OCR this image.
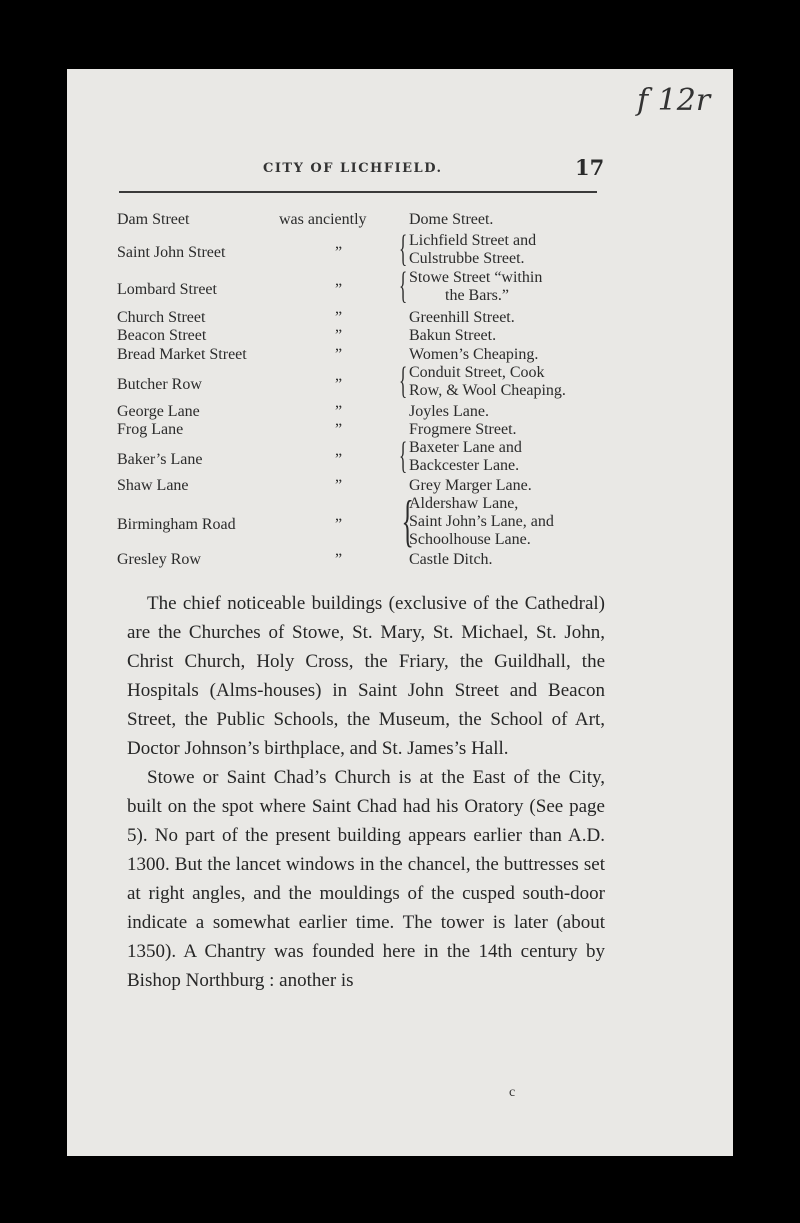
f 12r
CITY OF LICHFIELD.	17
Dam Street	was anciently	Dome Street.
Saint John Street	” { Lichfield Street and
Culstrubbe Street.
Lombard Street	” { Stowe Street “within
the Bars.”
Church Street	”	Greenhill Street.
Beacon Street	”	Bakun Street.
Bread Market Street	”	Women’s Cheaping.
Butcher Row	” { Conduit Street, Cook
Row, & Wool Cheaping.
George Lane	”	Joyles Lane.
Frog Lane	”	Frogmere Street.
Baker’s Lane	” { Baxeter Lane and
Backcester Lane.
Shaw Lane	”	Grey Marger Lane.
Birmingham Road	” {
Aldershaw Lane,
Saint John’s Lane, and
Schoolhouse Lane.
Gresley Row	”	Castle Ditch.

The chief noticeable buildings (exclusive of the Cathedral) are the Churches of Stowe, St. Mary, St. Michael, St. John, Christ Church, Holy Cross, the Friary, the Guildhall, the Hospitals (Alms-houses) in Saint John Street and Beacon Street, the Public Schools, the Museum, the School of Art, Doctor Johnson’s birthplace, and St. James’s Hall.

Stowe or Saint Chad’s Church is at the East of the City, built on the spot where Saint Chad had his Oratory (See page 5). No part of the present building appears earlier than A.D. 1300. But the lancet windows in the chancel, the buttresses set at right angles, and the mouldings of the cusped south-door indicate a somewhat earlier time. The tower is later (about 1350). A Chantry was founded here in the 14th century by Bishop Northburg : another is

c
